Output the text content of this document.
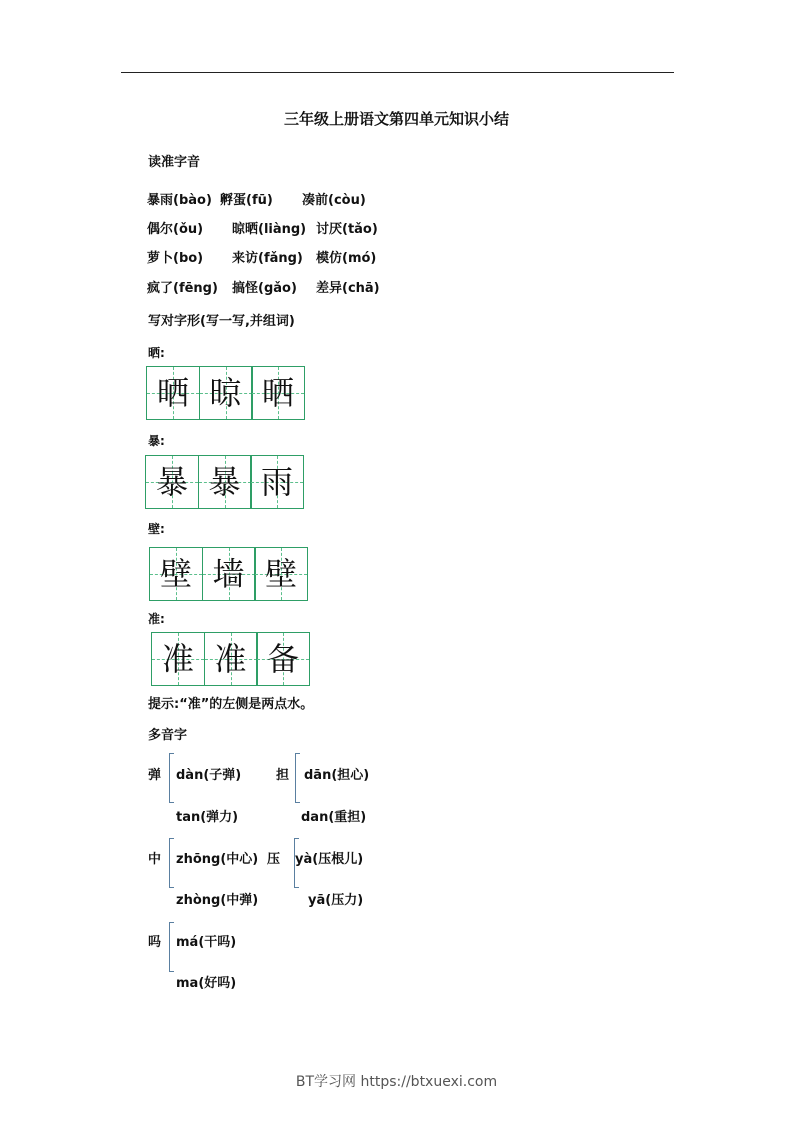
三年级上册语文第四单元知识小结
读准字音
暴雨(bào) 孵蛋(fū) 凑前(còu)
偶尔(ǒu) 晾晒(liàng) 讨厌(tǎo)
萝卜(bo) 来访(fǎng) 模仿(mó)
疯了(fēng) 搞怪(gǎo) 差异(chā)
写对字形(写一写,并组词)
晒:
晒 晾 晒
暴:
暴 暴 雨
壁:
壁 墙 壁
准:
准 准 备
提示:“准”的左侧是两点水。
多音字
弹 dàn(子弹)
tan(弹力)
担 dān(担心)
dan(重担)
中 zhōng(中心)
zhòng(中弹)
压 yà(压根儿)
yā(压力)
吗 má(干吗)
ma(好吗)
BT学习网 https://btxuexi.com
